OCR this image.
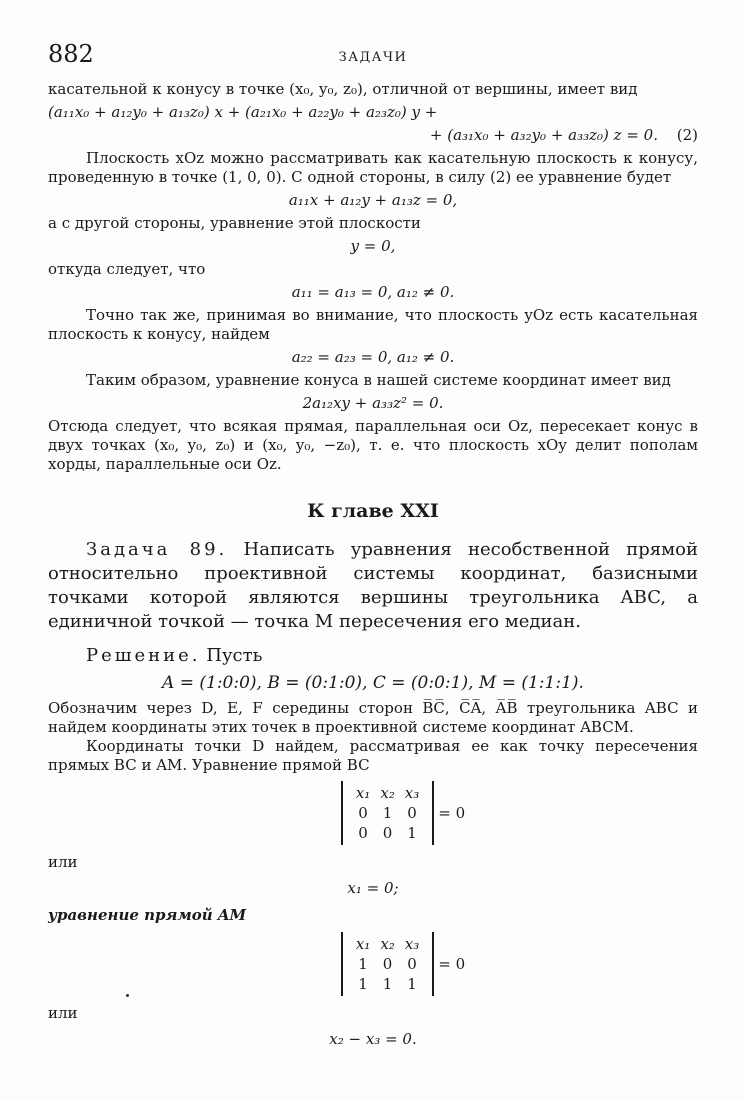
882	ЗАДАЧИ

касательной к конусу в точке (x₀, y₀, z₀), отличной от вершины, имеет вид

(a₁₁x₀ + a₁₂y₀ + a₁₃z₀) x + (a₂₁x₀ + a₂₂y₀ + a₂₃z₀) y +
+ (a₃₁x₀ + a₃₂y₀ + a₃₃z₀) z = 0. (2)

Плоскость xOz можно рассматривать как касательную плоскость к конусу, проведенную в точке (1, 0, 0). С одной стороны, в силу (2) ее уравнение будет

a₁₁x + a₁₂y + a₁₃z = 0,

а с другой стороны, уравнение этой плоскости

y = 0,

откуда следует, что

a₁₁ = a₁₃ = 0, a₁₂ ≠ 0.

Точно так же, принимая во внимание, что плоскость yOz есть касательная плоскость к конусу, найдем

a₂₂ = a₂₃ = 0, a₁₂ ≠ 0.

Таким образом, уравнение конуса в нашей системе координат имеет вид

2a₁₂xy + a₃₃z² = 0.

Отсюда следует, что всякая прямая, параллельная оси Oz, пересекает конус в двух точках (x₀, y₀, z₀) и (x₀, y₀, −z₀), т. е. что плоскость xOy делит пополам хорды, параллельные оси Oz.

К главе XXI

Задача 89. Написать уравнения несобственной прямой относительно проективной системы координат, базисными точками которой являются вершины треугольника ABC, а единичной точкой — точка M пересечения его медиан.

Решение. Пусть

A = (1:0:0), B = (0:1:0), C = (0:0:1), M = (1:1:1).

Обозначим через D, E, F середины сторон B̅C̅, C̅A̅, A̅B̅ треугольника ABC и найдем координаты этих точек в проективной системе координат ABCM.

Координаты точки D найдем, рассматривая ее как точку пересечения прямых BC и AM. Уравнение прямой BC

x₁	x₂	x₃
0	1	0
0	0	1
= 0
или
x₁ = 0;
уравнение прямой AM
x₁	x₂	x₃
1	0	0
1	1	1
= 0
или
x₂ − x₃ = 0.
